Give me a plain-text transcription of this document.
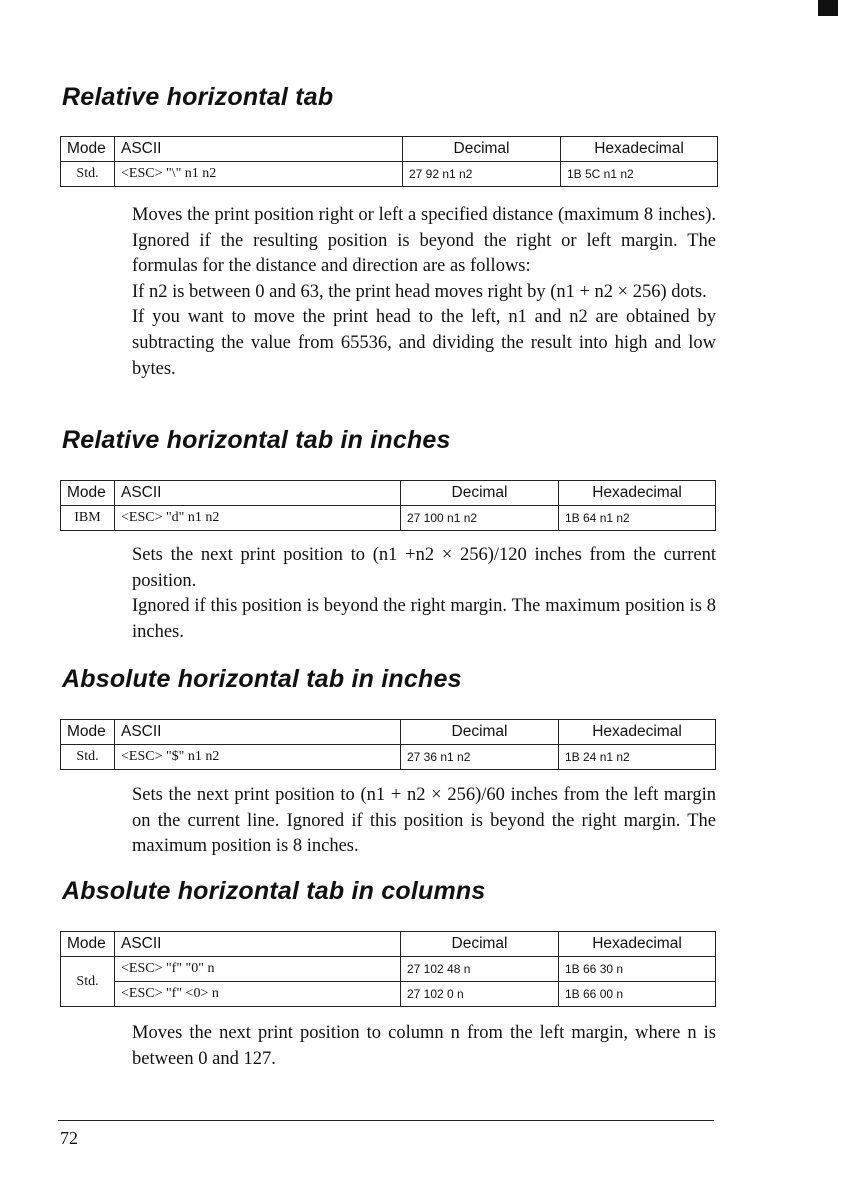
Relative horizontal tab
Mode	ASCII	Decimal	Hexadecimal
Std.	<ESC> "\" n1 n2	27 92 n1 n2	1B 5C n1 n2

Moves the print position right or left a specified distance (maximum 8 inches). Ignored if the resulting position is beyond the right or left margin. The formulas for the distance and direction are as follows:

If n2 is between 0 and 63, the print head moves right by (n1 + n2 × 256) dots.

If you want to move the print head to the left, n1 and n2 are obtained by subtracting the value from 65536, and dividing the result into high and low bytes.

Relative horizontal tab in inches
Mode	ASCII	Decimal	Hexadecimal
IBM	<ESC> "d" n1 n2	27 100 n1 n2	1B 64 n1 n2

Sets the next print position to (n1 +n2 × 256)/120 inches from the current position.

Ignored if this position is beyond the right margin. The maximum position is 8 inches.

Absolute horizontal tab in inches
Mode	ASCII	Decimal	Hexadecimal
Std.	<ESC> "$" n1 n2	27 36 n1 n2	1B 24 n1 n2

Sets the next print position to (n1 + n2 × 256)/60 inches from the left margin on the current line. Ignored if this position is beyond the right margin. The maximum position is 8 inches.

Absolute horizontal tab in columns
Mode	ASCII	Decimal	Hexadecimal
Std.	<ESC> "f" "0" n	27 102 48 n	1B 66 30 n
	<ESC> "f" <0> n	27 102 0 n	1B 66 00 n

Moves the next print position to column n from the left margin, where n is between 0 and 127.

72
